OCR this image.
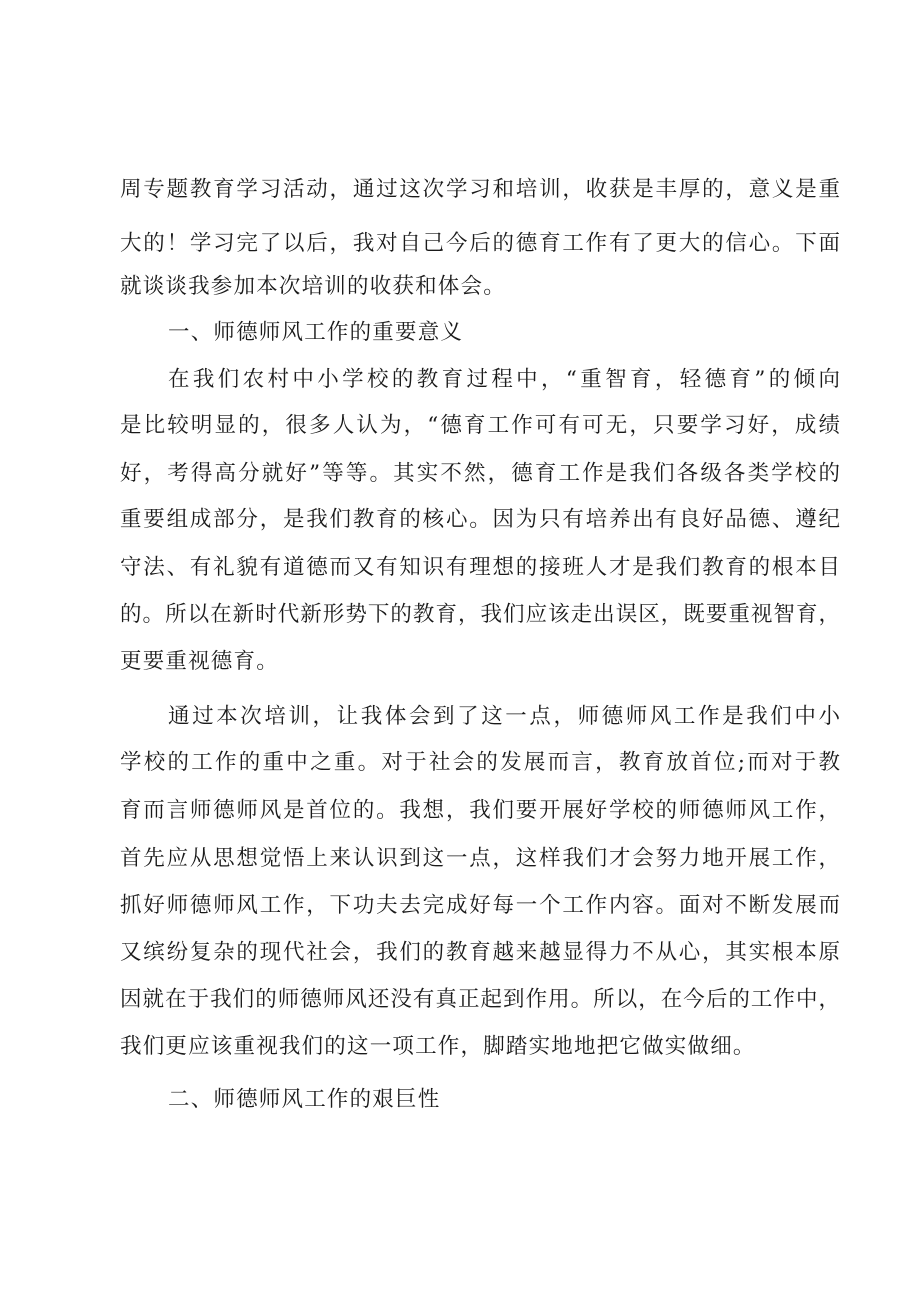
周专题教育学习活动，通过这次学习和培训，收获是丰厚的，意义是重
大的！学习完了以后，我对自己今后的德育工作有了更大的信心。下面
就谈谈我参加本次培训的收获和体会。
一、师德师风工作的重要意义
在我们农村中小学校的教育过程中，“重智育，轻德育”的倾向
是比较明显的，很多人认为，“德育工作可有可无，只要学习好，成绩
好，考得高分就好”等等。其实不然，德育工作是我们各级各类学校的
重要组成部分，是我们教育的核心。因为只有培养出有良好品德、遵纪
守法、有礼貌有道德而又有知识有理想的接班人才是我们教育的根本目
的。所以在新时代新形势下的教育，我们应该走出误区，既要重视智育，
更要重视德育。
通过本次培训，让我体会到了这一点，师德师风工作是我们中小
学校的工作的重中之重。对于社会的发展而言，教育放首位;而对于教
育而言师德师风是首位的。我想，我们要开展好学校的师德师风工作，
首先应从思想觉悟上来认识到这一点，这样我们才会努力地开展工作，
抓好师德师风工作，下功夫去完成好每一个工作内容。面对不断发展而
又缤纷复杂的现代社会，我们的教育越来越显得力不从心，其实根本原
因就在于我们的师德师风还没有真正起到作用。所以，在今后的工作中，
我们更应该重视我们的这一项工作，脚踏实地地把它做实做细。
二、师德师风工作的艰巨性
